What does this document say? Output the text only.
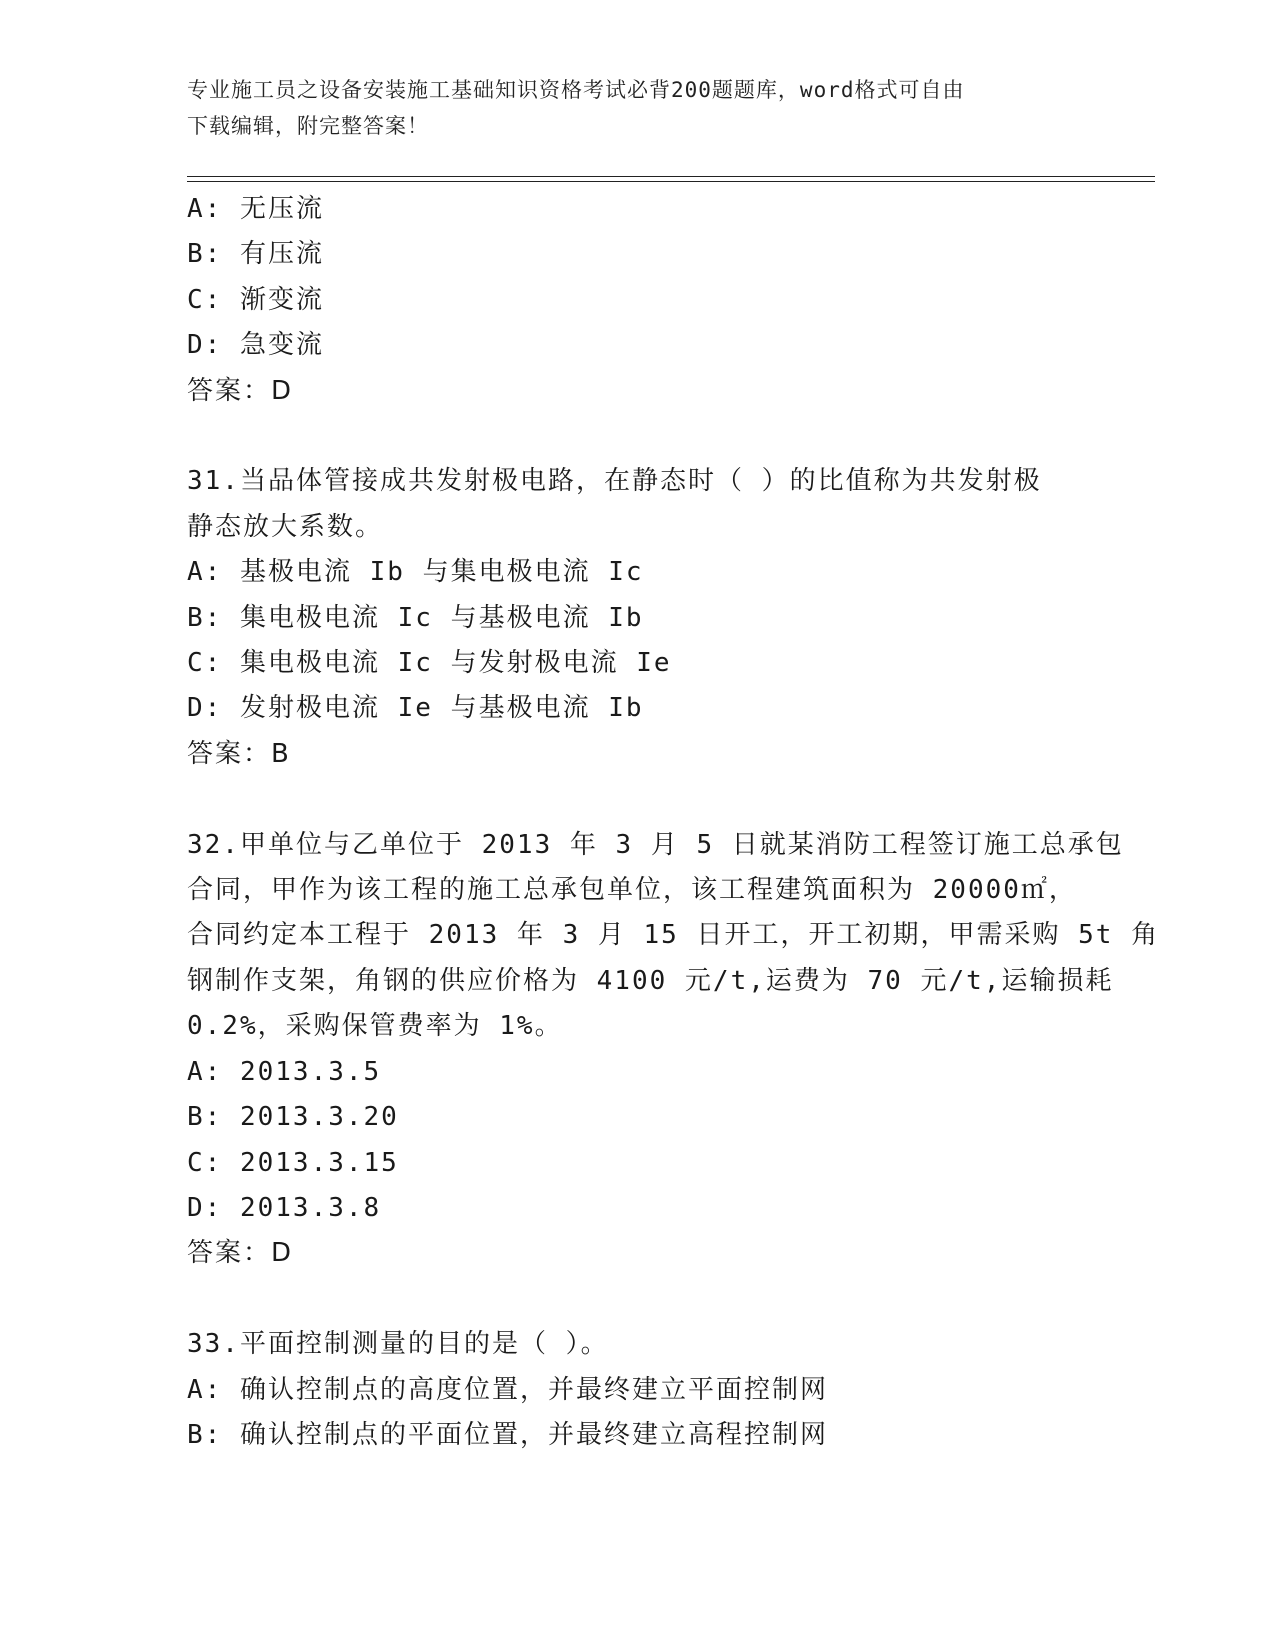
专业施工员之设备安装施工基础知识资格考试必背200题题库，word格式可自由
下载编辑，附完整答案！

A: 无压流

B: 有压流

C: 渐变流

D: 急变流

答案：D

31.当品体管接成共发射极电路，在静态时（ ）的比值称为共发射极

静态放大系数。

A: 基极电流 Ib 与集电极电流 Ic

B: 集电极电流 Ic 与基极电流 Ib

C: 集电极电流 Ic 与发射极电流 Ie

D: 发射极电流 Ie 与基极电流 Ib

答案：B

32.甲单位与乙单位于 2013 年 3 月 5 日就某消防工程签订施工总承包

合同，甲作为该工程的施工总承包单位，该工程建筑面积为 20000㎡，

合同约定本工程于 2013 年 3 月 15 日开工，开工初期，甲需采购 5t 角

钢制作支架，角钢的供应价格为 4100 元/t,运费为 70 元/t,运输损耗

0.2%，采购保管费率为 1%。

A: 2013.3.5

B: 2013.3.20

C: 2013.3.15

D: 2013.3.8

答案：D

33.平面控制测量的目的是（ ）。

A: 确认控制点的高度位置，并最终建立平面控制网

B: 确认控制点的平面位置，并最终建立高程控制网
